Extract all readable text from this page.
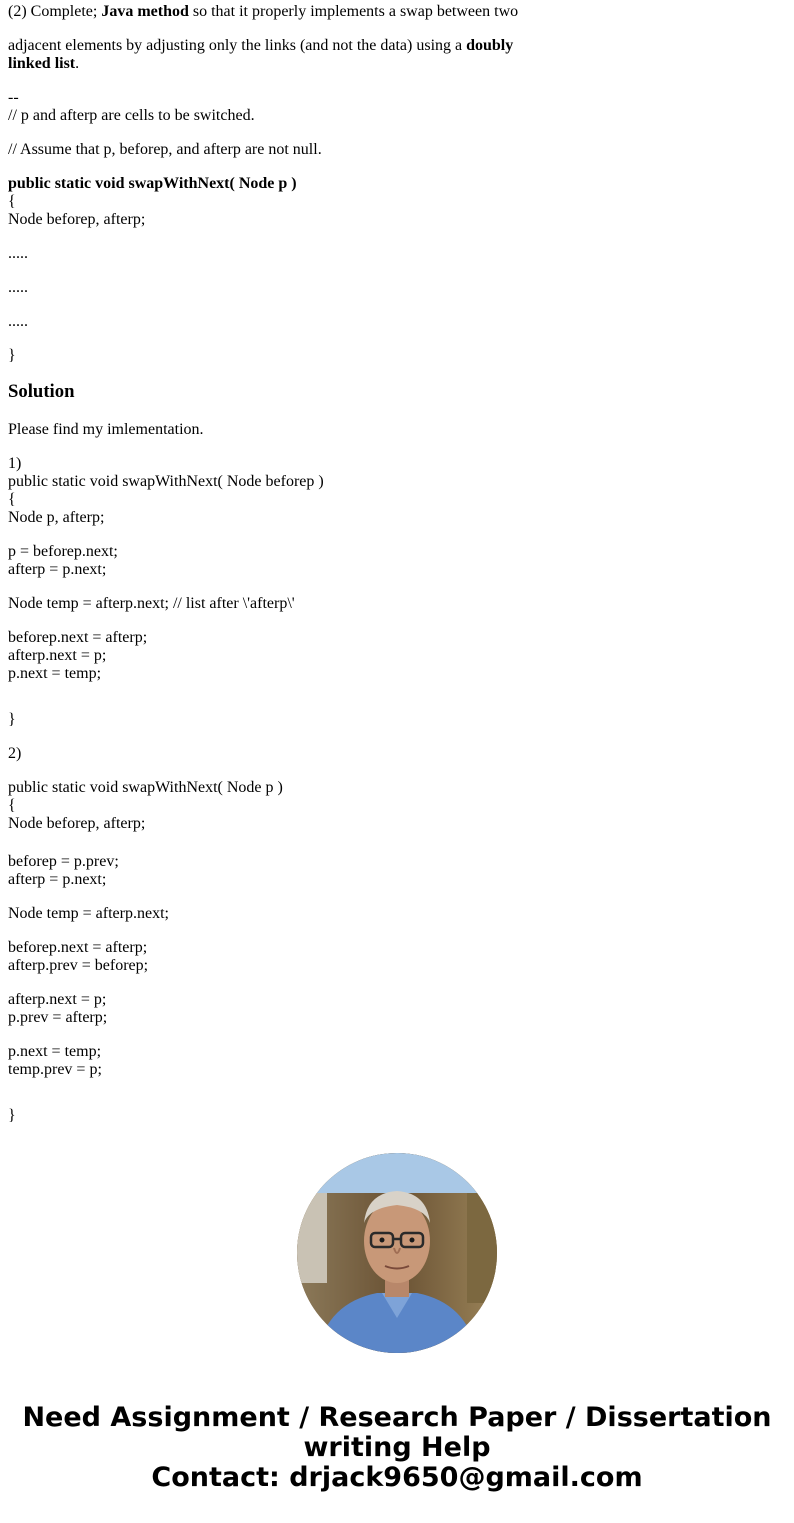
(2) Complete; Java method so that it properly implements a swap between two

adjacent elements by adjusting only the links (and not the data) using a doubly
linked list.

--
// p and afterp are cells to be switched.

// Assume that p, beforep, and afterp are not null.

public static void swapWithNext( Node p )
{
Node beforep, afterp;

.....

.....

.....

}

Solution

Please find my imlementation.

1)
public static void swapWithNext( Node beforep )
{
Node p, afterp;

p = beforep.next;
afterp = p.next;

Node temp = afterp.next; // list after \'afterp\'

beforep.next = afterp;
afterp.next = p;
p.next = temp;

}

2)

public static void swapWithNext( Node p )
{
Node beforep, afterp;

beforep = p.prev;
afterp = p.next;

Node temp = afterp.next;

beforep.next = afterp;
afterp.prev = beforep;

afterp.next = p;
p.prev = afterp;

p.next = temp;
temp.prev = p;

}

Need Assignment / Research Paper / Dissertation
writing Help
Contact: drjack9650@gmail.com
